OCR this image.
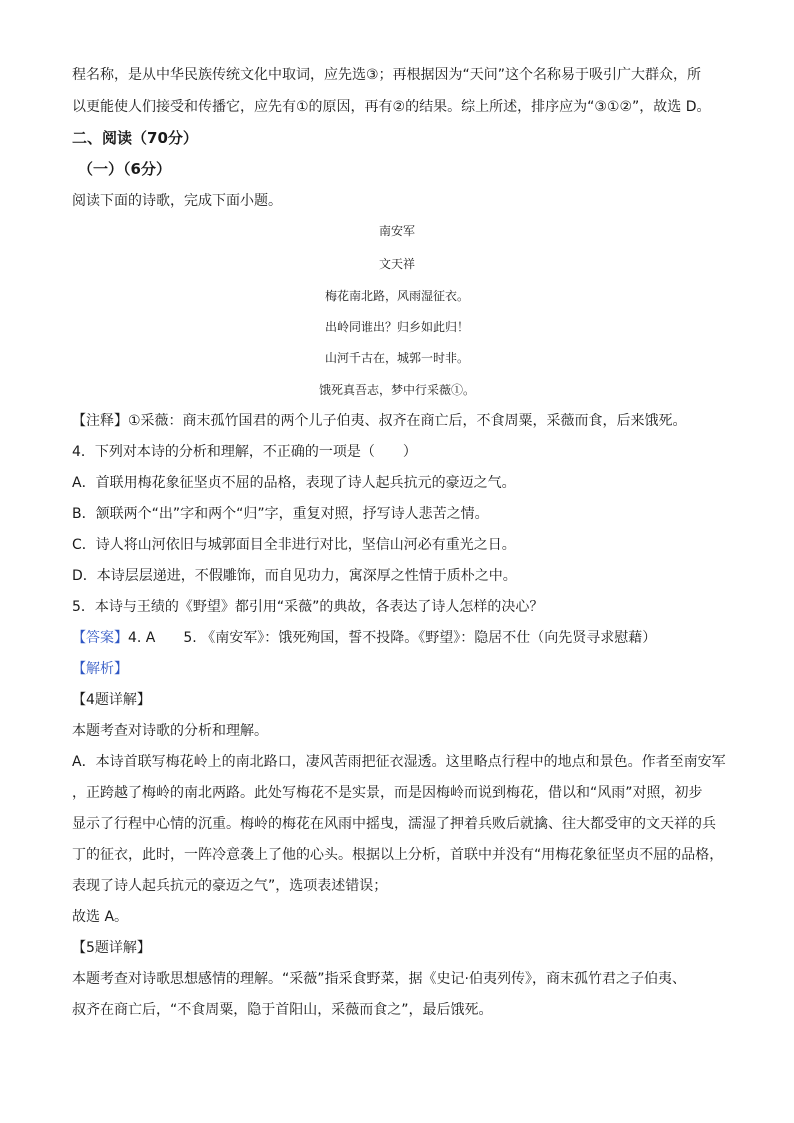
程名称，是从中华民族传统文化中取词，应先选③；再根据因为“天问”这个名称易于吸引广大群众，所
以更能使人们接受和传播它，应先有①的原因，再有②的结果。综上所述，排序应为“③①②”，故选 D。
二、阅读（70分）
（一）（6分）
阅读下面的诗歌，完成下面小题。
南安军
文天祥
梅花南北路，风雨湿征衣。
出岭同谁出？归乡如此归！
山河千古在，城郭一时非。
饿死真吾志，梦中行采薇①。
【注释】①采薇：商末孤竹国君的两个儿子伯夷、叔齐在商亡后，不食周粟，采薇而食，后来饿死。
4．下列对本诗的分析和理解，不正确的一项是（　　）
A．首联用梅花象征坚贞不屈的品格，表现了诗人起兵抗元的豪迈之气。
B．颔联两个“出”字和两个“归”字，重复对照，抒写诗人悲苦之情。
C．诗人将山河依旧与城郭面目全非进行对比，坚信山河必有重光之日。
D．本诗层层递进，不假雕饰，而自见功力，寓深厚之性情于质朴之中。
5．本诗与王绩的《野望》都引用“采薇”的典故，各表达了诗人怎样的决心？
【答案】4. A　　5. 《南安军》：饿死殉国，誓不投降。《野望》：隐居不仕（向先贤寻求慰藉）
【解析】
【4题详解】
本题考查对诗歌的分析和理解。
A．本诗首联写梅花岭上的南北路口，凄风苦雨把征衣湿透。这里略点行程中的地点和景色。作者至南安军
，正跨越了梅岭的南北两路。此处写梅花不是实景，而是因梅岭而说到梅花，借以和“风雨”对照，初步
显示了行程中心情的沉重。梅岭的梅花在风雨中摇曳，濡湿了押着兵败后就擒、往大都受审的文天祥的兵
丁的征衣，此时，一阵冷意袭上了他的心头。根据以上分析，首联中并没有“用梅花象征坚贞不屈的品格，
表现了诗人起兵抗元的豪迈之气”，选项表述错误；
故选 A。
【5题详解】
本题考查对诗歌思想感情的理解。“采薇”指采食野菜，据《史记·伯夷列传》，商末孤竹君之子伯夷、
叔齐在商亡后，“不食周粟，隐于首阳山，采薇而食之”，最后饿死。
